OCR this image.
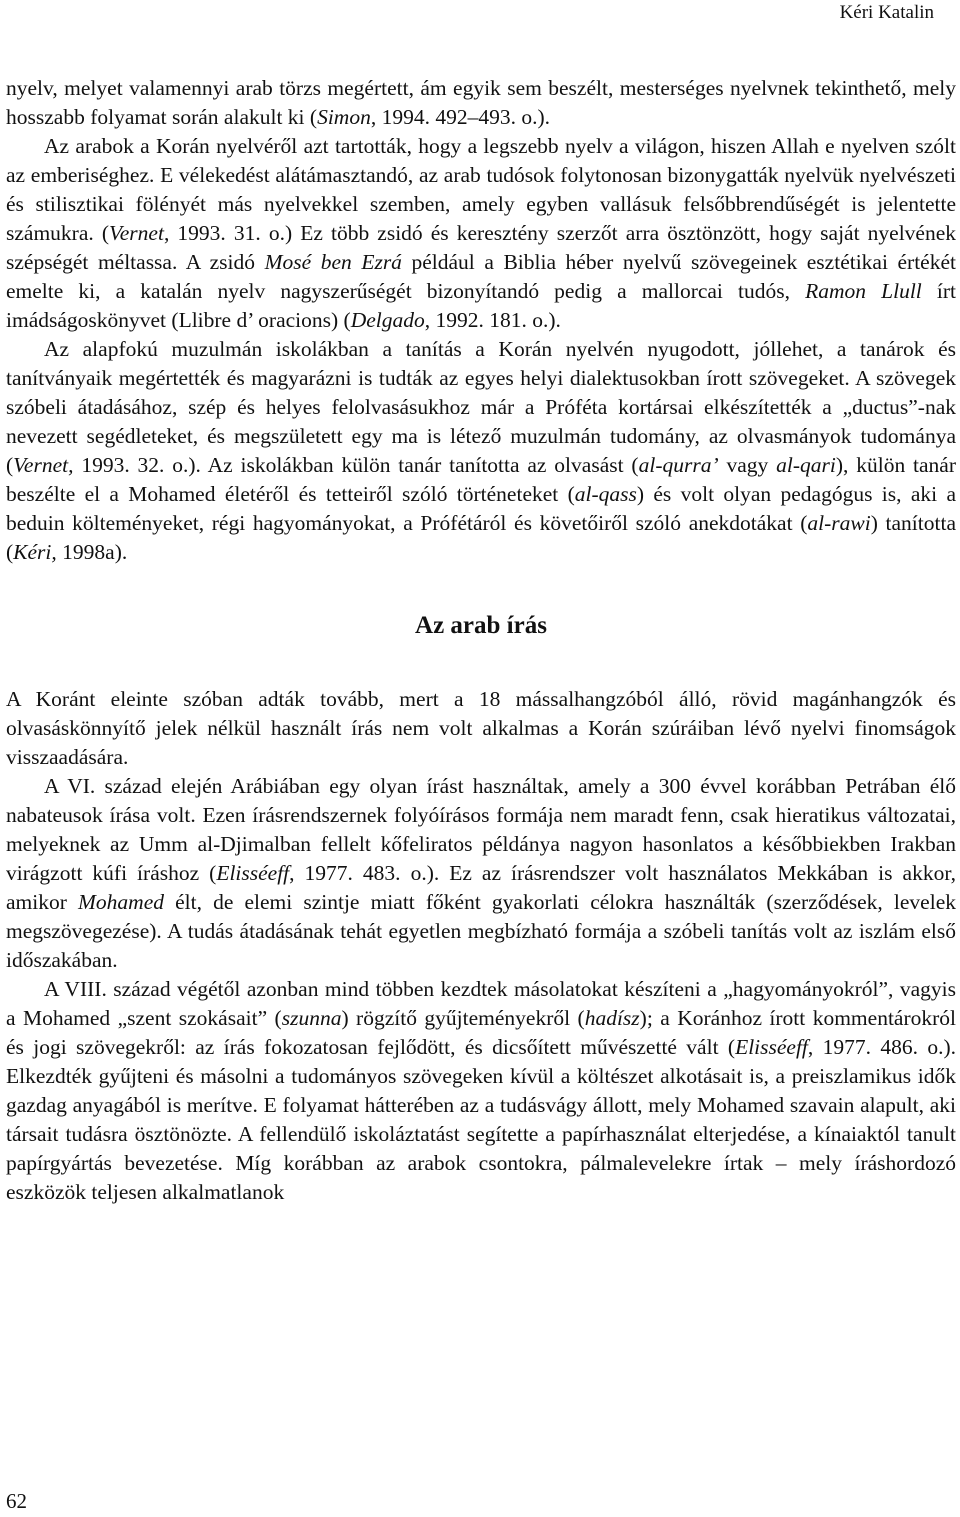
Kéri Katalin

nyelv, melyet valamennyi arab törzs megértett, ám egyik sem beszélt, mesterséges nyelvnek tekinthető, mely hosszabb folyamat során alakult ki (Simon, 1994. 492–493. o.).

Az arabok a Korán nyelvéről azt tartották, hogy a legszebb nyelv a világon, hiszen Allah e nyelven szólt az emberiséghez. E vélekedést alátámasztandó, az arab tudósok folytonosan bizonygatták nyelvük nyelvészeti és stilisztikai fölényét más nyelvekkel szemben, amely egyben vallásuk felsőbbrendűségét is jelentette számukra. (Vernet, 1993. 31. o.) Ez több zsidó és keresztény szerzőt arra ösztönzött, hogy saját nyelvének szépségét méltassa. A zsidó Mosé ben Ezrá például a Biblia héber nyelvű szövegeinek esztétikai értékét emelte ki, a katalán nyelv nagyszerűségét bizonyítandó pedig a mallorcai tudós, Ramon Llull írt imádságoskönyvet (Llibre d’ oracions) (Delgado, 1992. 181. o.).

Az alapfokú muzulmán iskolákban a tanítás a Korán nyelvén nyugodott, jóllehet, a tanárok és tanítványaik megértették és magyarázni is tudták az egyes helyi dialektusokban írott szövegeket. A szövegek szóbeli átadásához, szép és helyes felolvasásukhoz már a Próféta kortársai elkészítették a „ductus”-nak nevezett segédleteket, és megszületett egy ma is létező muzulmán tudomány, az olvasmányok tudománya (Vernet, 1993. 32. o.). Az iskolákban külön tanár tanította az olvasást (al-qurra’ vagy al-qari), külön tanár beszélte el a Mohamed életéről és tetteiről szóló történeteket (al-qass) és volt olyan pedagógus is, aki a beduin költeményeket, régi hagyományokat, a Prófétáról és követőiről szóló anekdotákat (al-rawi) tanította (Kéri, 1998a).

Az arab írás

A Koránt eleinte szóban adták tovább, mert a 18 mássalhangzóból álló, rövid magánhangzók és olvasáskönnyítő jelek nélkül használt írás nem volt alkalmas a Korán szúráiban lévő nyelvi finomságok visszaadására.

A VI. század elején Arábiában egy olyan írást használtak, amely a 300 évvel korábban Petrában élő nabateusok írása volt. Ezen írásrendszernek folyóírásos formája nem maradt fenn, csak hieratikus változatai, melyeknek az Umm al-Djimalban fellelt kőfeliratos példánya nagyon hasonlatos a későbbiekben Irakban virágzott kúfi íráshoz (Elisséeff, 1977. 483. o.). Ez az írásrendszer volt használatos Mekkában is akkor, amikor Mohamed élt, de elemi szintje miatt főként gyakorlati célokra használták (szerződések, levelek megszövegezése). A tudás átadásának tehát egyetlen megbízható formája a szóbeli tanítás volt az iszlám első időszakában.

A VIII. század végétől azonban mind többen kezdtek másolatokat készíteni a „hagyományokról”, vagyis a Mohamed „szent szokásait” (szunna) rögzítő gyűjteményekről (hadísz); a Koránhoz írott kommentárokról és jogi szövegekről: az írás fokozatosan fejlődött, és dicsőített művészetté vált (Elisséeff, 1977. 486. o.). Elkezdték gyűjteni és másolni a tudományos szövegeken kívül a költészet alkotásait is, a preiszlamikus idők gazdag anyagából is merítve. E folyamat hátterében az a tudásvágy állott, mely Mohamed szavain alapult, aki társait tudásra ösztönözte. A fellendülő iskoláztatást segítette a papírhasználat elterjedése, a kínaiaktól tanult papírgyártás bevezetése. Míg korábban az arabok csontokra, pálmalevelekre írtak – mely íráshordozó eszközök teljesen alkalmatlanok

62
